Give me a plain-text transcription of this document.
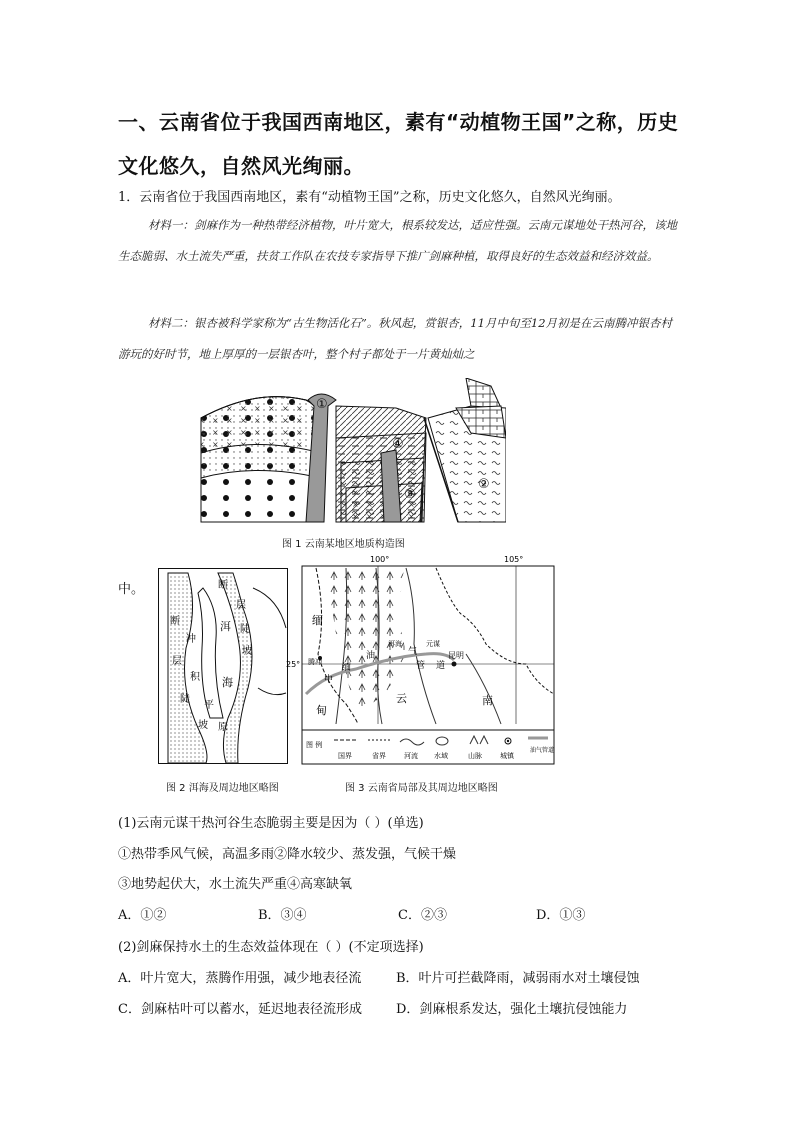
一、云南省位于我国西南地区，素有“动植物王国”之称，历史文化悠久，自然风光绚丽。
1．云南省位于我国西南地区，素有“动植物王国”之称，历史文化悠久，自然风光绚丽。

材料一：剑麻作为一种热带经济植物，叶片宽大，根系较发达，适应性强。云南元谋地处干热河谷，该地生态脆弱、水土流失严重，扶贫工作队在农技专家指导下推广剑麻种植，取得良好的生态效益和经济效益。

材料二：银杏被科学家称为“古生物活化石”。秋风起，赏银杏，11月中旬至12月初是在云南腾冲银杏村游玩的好时节，地上厚厚的一层银杏叶，整个村子都处于一片黄灿灿之

①
②
③
④
图 1 云南某地区地质构造图
中。	断
层
陡
坡
断
冲
层
积
陡
平
坡 原
洱
海
图 2 洱海及周边地区略图
100°	105°
25°
缅
甸
云	南
腾冲
洱海	元谋
昆明
中
缅
油	气
管 道
图 例
国界	省界	河流 水域	山脉	城镇
油气管道
图 3 云南省局部及其周边地区略图
(1)云南元谋干热河谷生态脆弱主要是因为（ ）(单选)
①热带季风气候，高温多雨②降水较少、蒸发强，气候干燥
③地势起伏大，水土流失严重④高寒缺氧
A．①②	B．③④	C．②③	D．①③
(2)剑麻保持水土的生态效益体现在（ ）(不定项选择)
A．叶片宽大，蒸腾作用强，减少地表径流	B．叶片可拦截降雨，减弱雨水对土壤侵蚀
C．剑麻枯叶可以蓄水，延迟地表径流形成	D．剑麻根系发达，强化土壤抗侵蚀能力
